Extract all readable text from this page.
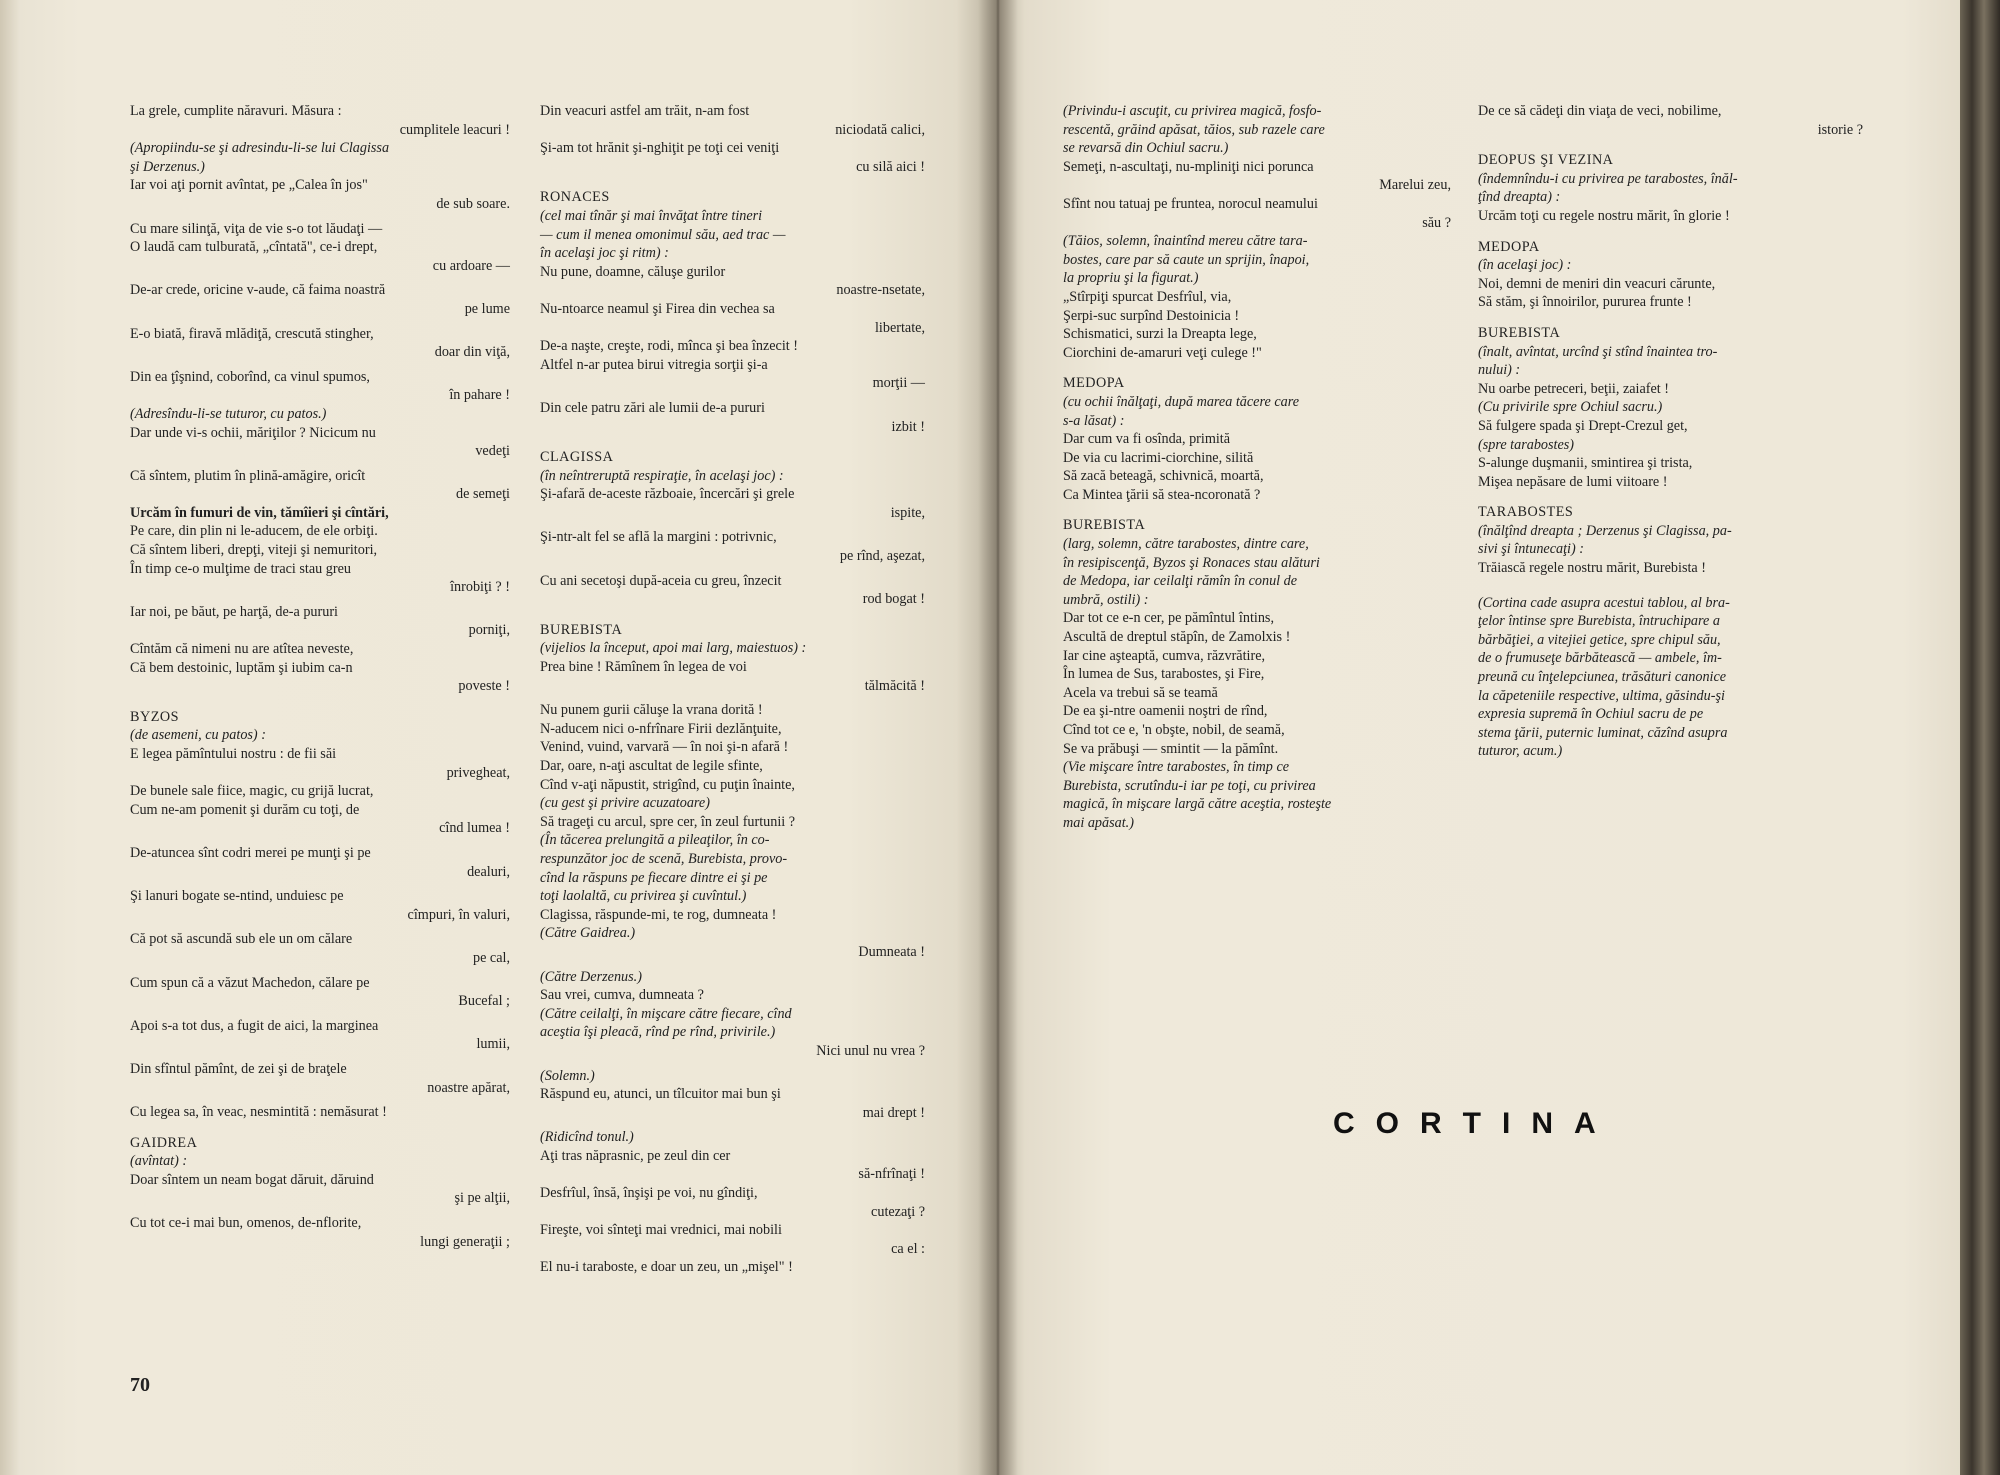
La grele, cumplite năravuri. Măsura :
cumplitele leacuri !
(Apropiindu-se şi adresindu-li-se lui Clagissa
şi Derzenus.)
Iar voi aţi pornit avîntat, pe „Calea în jos"
de sub soare.
Cu mare silinţă, viţa de vie s-o tot lăudaţi —
O laudă cam tulburată, „cîntată", ce-i drept,
cu ardoare —
De-ar crede, oricine v-aude, că faima noastră
pe lume
E-o biată, firavă mlădiţă, crescută stingher,
doar din viţă,
Din ea ţîşnind, coborînd, ca vinul spumos,
în pahare !
(Adresîndu-li-se tuturor, cu patos.)
Dar unde vi-s ochii, măriţilor ? Nicicum nu
vedeţi
Că sîntem, plutim în plină-amăgire, oricît
de semeţi
Urcăm în fumuri de vin, tămîieri şi cîntări,
Pe care, din plin ni le-aducem, de ele orbiţi.
Că sîntem liberi, drepţi, viteji şi nemuritori,
În timp ce-o mulţime de traci stau greu
înrobiţi ? !
Iar noi, pe băut, pe harţă, de-a pururi
porniţi,
Cîntăm că nimeni nu are atîtea neveste,
Că bem destoinic, luptăm şi iubim ca-n
poveste !
BYZOS
(de asemeni, cu patos) :
E legea pămîntului nostru : de fii săi
privegheat,
De bunele sale fiice, magic, cu grijă lucrat,
Cum ne-am pomenit şi durăm cu toţi, de
cînd lumea !
De-atuncea sînt codri merei pe munţi şi pe
dealuri,
Şi lanuri bogate se-ntind, unduiesc pe
cîmpuri, în valuri,
Că pot să ascundă sub ele un om călare
pe cal,
Cum spun că a văzut Machedon, călare pe
Bucefal ;
Apoi s-a tot dus, a fugit de aici, la marginea
lumii,
Din sfîntul pămînt, de zei şi de braţele
noastre apărat,
Cu legea sa, în veac, nesmintită : nemăsurat !
GAIDREA
(avîntat) :
Doar sîntem un neam bogat dăruit, dăruind
şi pe alţii,
Cu tot ce-i mai bun, omenos, de-nflorite,
lungi generaţii ;
Din veacuri astfel am trăit, n-am fost
niciodată calici,
Şi-am tot hrănit şi-nghiţit pe toţi cei veniţi
cu silă aici !
RONACES
(cel mai tînăr şi mai învăţat între tineri
— cum il menea omonimul său, aed trac —
în acelaşi joc şi ritm) :
Nu pune, doamne, căluşe gurilor
noastre-nsetate,
Nu-ntoarce neamul şi Firea din vechea sa
libertate,
De-a naşte, creşte, rodi, mînca şi bea înzecit !
Altfel n-ar putea birui vitregia sorţii şi-a
morţii —
Din cele patru zări ale lumii de-a pururi
izbit !
CLAGISSA
(în neîntreruptă respiraţie, în acelaşi joc) :
Şi-afară de-aceste războaie, încercări şi grele
ispite,
Şi-ntr-alt fel se află la margini : potrivnic,
pe rînd, aşezat,
Cu ani secetoşi după-aceia cu greu, înzecit
rod bogat !
BUREBISTA
(vijelios la început, apoi mai larg, maiestuos) :
Prea bine ! Rămînem în legea de voi
tălmăcită !
Nu punem gurii căluşe la vrana dorită !
N-aducem nici o-nfrînare Firii dezlănţuite,
Venind, vuind, varvară — în noi şi-n afară !
Dar, oare, n-aţi ascultat de legile sfinte,
Cînd v-aţi năpustit, strigînd, cu puţin înainte,
(cu gest şi privire acuzatoare)
Să trageţi cu arcul, spre cer, în zeul furtunii ?
(În tăcerea prelungită a pileaţilor, în co-
respunzător joc de scenă, Burebista, provo-
cînd la răspuns pe fiecare dintre ei şi pe
toţi laolaltă, cu privirea şi cuvîntul.)
Clagissa, răspunde-mi, te rog, dumneata !
(Către Gaidrea.)
Dumneata !
(Către Derzenus.)
Sau vrei, cumva, dumneata ?
(Către ceilalţi, în mişcare către fiecare, cînd
aceştia îşi pleacă, rînd pe rînd, privirile.)
Nici unul nu vrea ?
(Solemn.)
Răspund eu, atunci, un tîlcuitor mai bun şi
mai drept !
(Ridicînd tonul.)
Aţi tras năprasnic, pe zeul din cer
să-nfrînaţi !
Desfrîul, însă, înşişi pe voi, nu gîndiţi,
cutezaţi ?
Fireşte, voi sînteţi mai vrednici, mai nobili
ca el :
El nu-i taraboste, e doar un zeu, un „mişel" !
(Privindu-i ascuţit, cu privirea magică, fosfo-
rescentă, grăind apăsat, tăios, sub razele care
se revarsă din Ochiul sacru.)
Semeţi, n-ascultaţi, nu-mpliniţi nici porunca
Marelui zeu,
Sfînt nou tatuaj pe fruntea, norocul neamului
său ?
(Tăios, solemn, înaintînd mereu către tara-
bostes, care par să caute un sprijin, înapoi,
la propriu şi la figurat.)
„Stîrpiţi spurcat Desfrîul, via,
Şerpi-suc surpînd Destoinicia !
Schismatici, surzi la Dreapta lege,
Ciorchini de-amaruri veţi culege !"
MEDOPA
(cu ochii înălţaţi, după marea tăcere care
s-a lăsat) :
Dar cum va fi osînda, primită
De via cu lacrimi-ciorchine, silită
Să zacă beteagă, schivnică, moartă,
Ca Mintea ţării să stea-ncoronată ?
BUREBISTA
(larg, solemn, către tarabostes, dintre care,
în resipiscenţă, Byzos şi Ronaces stau alături
de Medopa, iar ceilalţi rămîn în conul de
umbră, ostili) :
Dar tot ce e-n cer, pe pămîntul întins,
Ascultă de dreptul stăpîn, de Zamolxis !
Iar cine aşteaptă, cumva, răzvrătire,
În lumea de Sus, tarabostes, şi Fire,
Acela va trebui să se teamă
De ea şi-ntre oamenii noştri de rînd,
Cînd tot ce e, 'n obşte, nobil, de seamă,
Se va prăbuşi — smintit — la pămînt.
(Vie mişcare între tarabostes, în timp ce
Burebista, scrutîndu-i iar pe toţi, cu privirea
magică, în mişcare largă către aceştia, rosteşte
mai apăsat.)
De ce să cădeţi din viaţa de veci, nobilime,
istorie ?
DEOPUS ŞI VEZINA
(îndemnîndu-i cu privirea pe tarabostes, înăl-
ţînd dreapta) :
Urcăm toţi cu regele nostru mărit, în glorie !
MEDOPA
(în acelaşi joc) :
Noi, demni de meniri din veacuri cărunte,
Să stăm, şi înnoirilor, pururea frunte !
BUREBISTA
(înalt, avîntat, urcînd şi stînd înaintea tro-
nului) :
Nu oarbe petreceri, beţii, zaiafet !
(Cu privirile spre Ochiul sacru.)
Să fulgere spada şi Drept-Crezul get,
(spre tarabostes)
S-alunge duşmanii, smintirea şi trista,
Mişea nepăsare de lumi viitoare !
TARABOSTES
(înălţînd dreapta ; Derzenus şi Clagissa, pa-
sivi şi întunecaţi) :
Trăiască regele nostru mărit, Burebista !
(Cortina cade asupra acestui tablou, al bra-
ţelor întinse spre Burebista, întruchipare a
bărbăţiei, a vitejiei getice, spre chipul său,
de o frumuseţe bărbătească — ambele, îm-
preună cu înţelepciunea, trăsături canonice
la căpeteniile respective, ultima, găsindu-şi
expresia supremă în Ochiul sacru de pe
stema ţării, puternic luminat, căzînd asupra
tuturor, acum.)
70
CORTINA
